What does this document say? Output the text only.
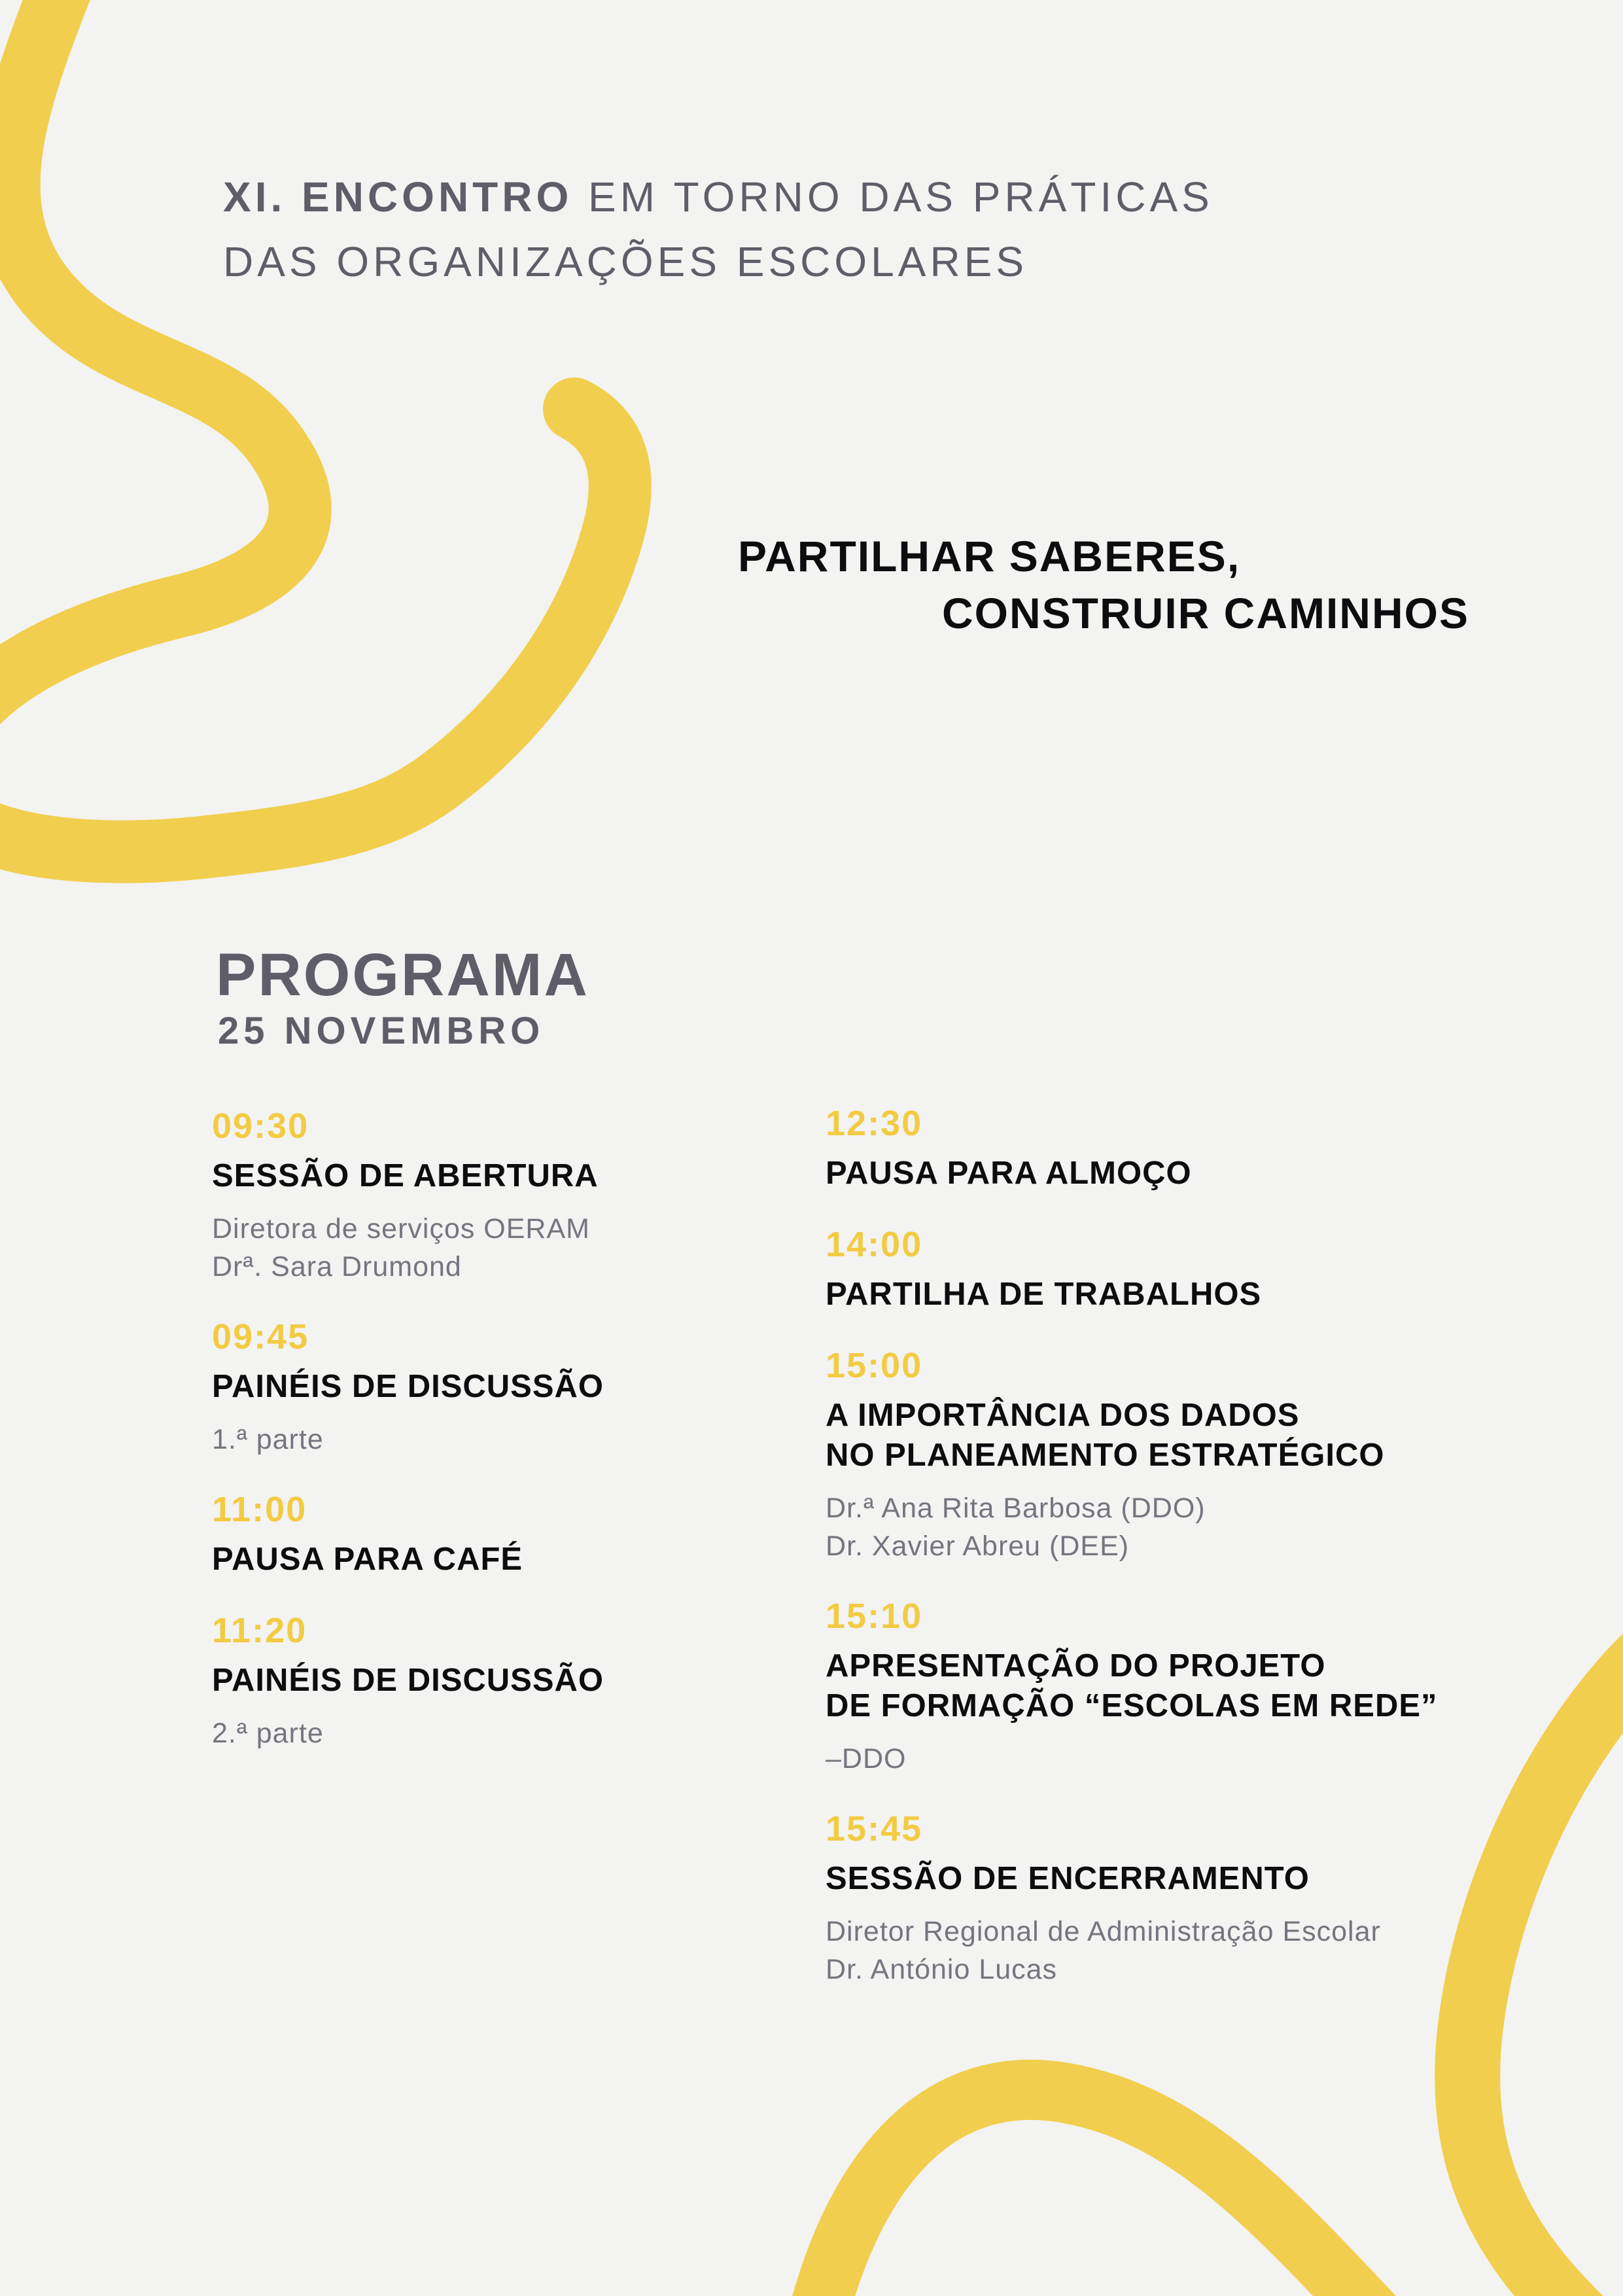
XI. ENCONTRO EM TORNO DAS PRÁTICAS
DAS ORGANIZAÇÕES ESCOLARES
PARTILHAR SABERES,
CONSTRUIR CAMINHOS
PROGRAMA
25 NOVEMBRO
09:30
SESSÃO DE ABERTURA
Diretora de serviços OERAM
Drª. Sara Drumond
09:45
PAINÉIS DE DISCUSSÃO
1.ª parte
11:00
PAUSA PARA CAFÉ
11:20
PAINÉIS DE DISCUSSÃO
2.ª parte
12:30
PAUSA PARA ALMOÇO
14:00
PARTILHA DE TRABALHOS
15:00
A IMPORTÂNCIA DOS DADOS
NO PLANEAMENTO ESTRATÉGICO
Dr.ª Ana Rita Barbosa (DDO)
Dr. Xavier Abreu (DEE)
15:10
APRESENTAÇÃO DO PROJETO
DE FORMAÇÃO “ESCOLAS EM REDE”
–DDO
15:45
SESSÃO DE ENCERRAMENTO
Diretor Regional de Administração Escolar
Dr. António Lucas
